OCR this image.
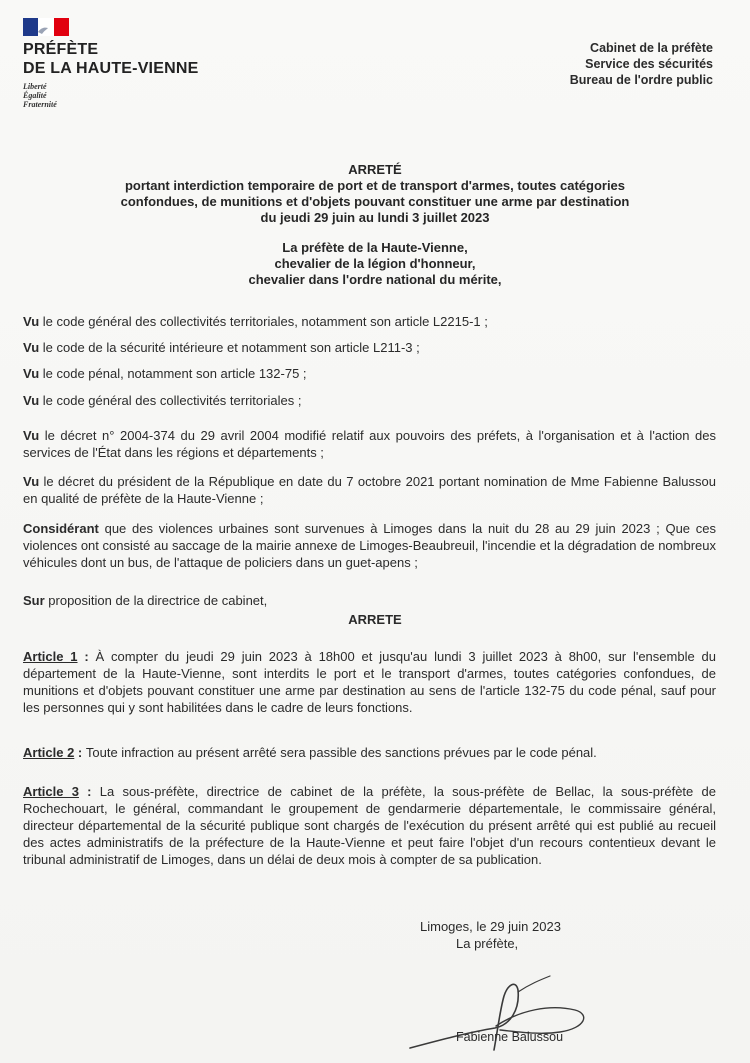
PRÉFÈTE
DE LA HAUTE-VIENNE
Liberté
Égalité
Fraternité
Cabinet de la préfète
Service des sécurités
Bureau de l'ordre public
ARRETÉ
portant interdiction temporaire de port et de transport d'armes, toutes catégories
confondues, de munitions et d'objets pouvant constituer une arme par destination
du jeudi 29 juin au lundi 3 juillet 2023
La préfète de la Haute-Vienne,
chevalier de la légion d'honneur,
chevalier dans l'ordre national du mérite,

Vu le code général des collectivités territoriales, notamment son article L2215-1 ;

Vu le code de la sécurité intérieure et notamment son article L211-3 ;

Vu le code pénal, notamment son article 132-75 ;

Vu le code général des collectivités territoriales ;

Vu le décret n° 2004-374 du 29 avril 2004 modifié relatif aux pouvoirs des préfets, à l'organisation et à l'action des services de l'État dans les régions et départements ;

Vu le décret du président de la République en date du 7 octobre 2021 portant nomination de Mme Fabienne Balussou en qualité de préfète de la Haute-Vienne ;

Considérant que des violences urbaines sont survenues à Limoges dans la nuit du 28 au 29 juin 2023 ; Que ces violences ont consisté au saccage de la mairie annexe de Limoges-Beaubreuil, l'incendie et la dégradation de nombreux véhicules dont un bus, de l'attaque de policiers dans un guet-apens ;

Sur proposition de la directrice de cabinet,

ARRETE

Article 1 : À compter du jeudi 29 juin 2023 à 18h00 et jusqu'au lundi 3 juillet 2023 à 8h00, sur l'ensemble du département de la Haute-Vienne, sont interdits le port et le transport d'armes, toutes catégories confondues, de munitions et d'objets pouvant constituer une arme par destination au sens de l'article 132-75 du code pénal, sauf pour les personnes qui y sont habilitées dans le cadre de leurs fonctions.

Article 2 : Toute infraction au présent arrêté sera passible des sanctions prévues par le code pénal.

Article 3 : La sous-préfète, directrice de cabinet de la préfète, la sous-préfète de Bellac, la sous-préfète de Rochechouart, le général, commandant le groupement de gendarmerie départementale, le commissaire général, directeur départemental de la sécurité publique sont chargés de l'exécution du présent arrêté qui est publié au recueil des actes administratifs de la préfecture de la Haute-Vienne et peut faire l'objet d'un recours contentieux devant le tribunal administratif de Limoges, dans un délai de deux mois à compter de sa publication.

Limoges, le 29 juin 2023
La préfète,
Fabienne Balussou
